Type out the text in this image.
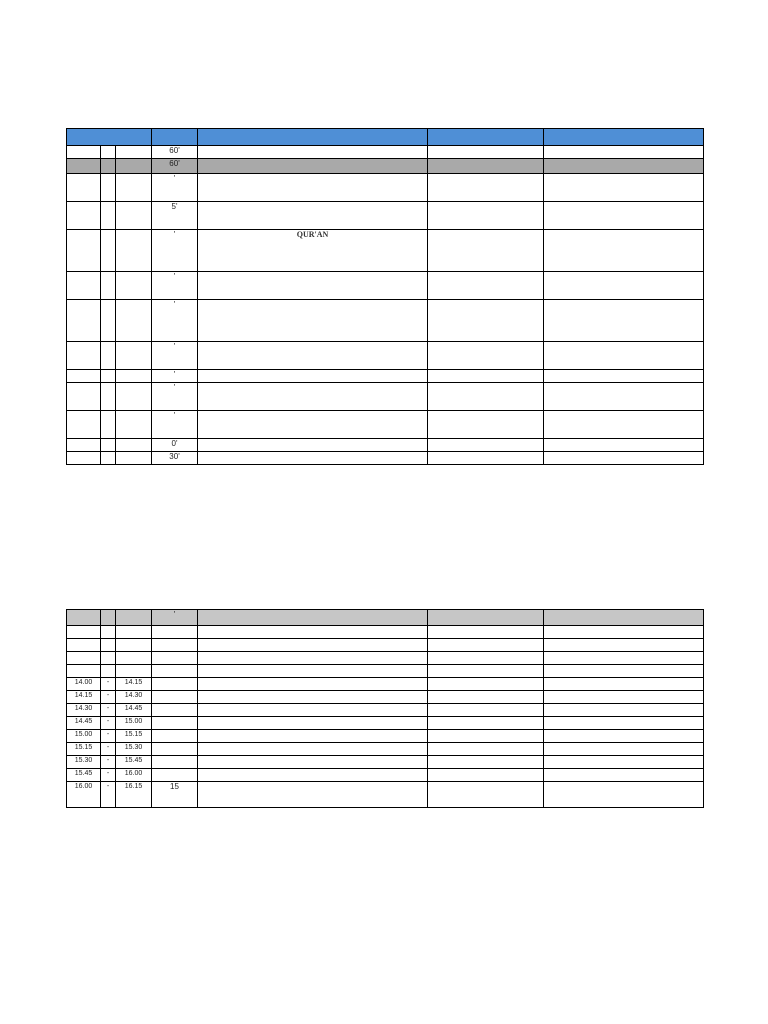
			60'			
			60'			
			'			
			5'			
			'	QUR'AN		
			'			
			'			
			'			
			'			
			'			
			'			
			0'			
			30'			
			'			

14.00	-	14.15				
14.15	-	14.30				
14.30	-	14.45				
14.45	-	15.00				
15.00	-	15.15				
15.15	-	15.30				
15.30	-	15.45				
15.45	-	16.00				
16.00	-	16.15	15			
